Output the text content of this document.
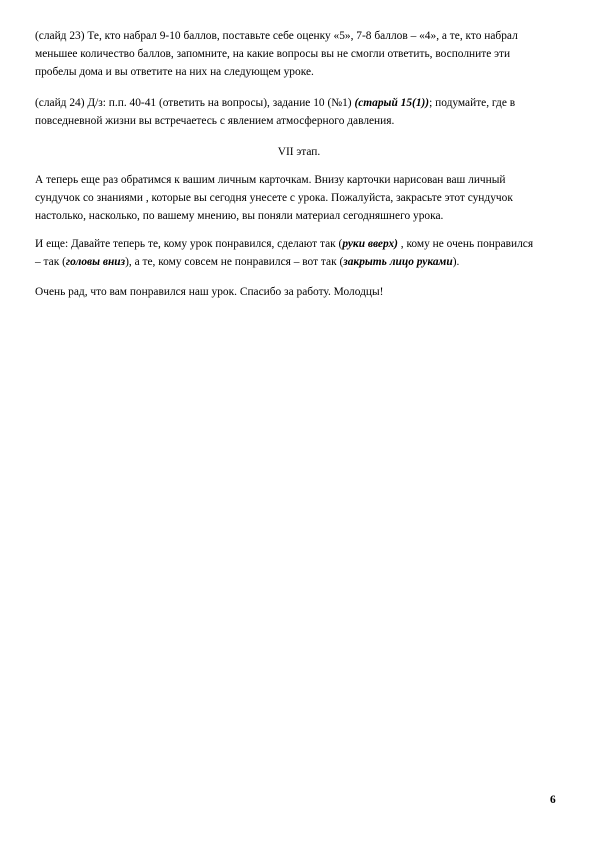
(слайд 23) Те, кто набрал 9-10 баллов, поставьте себе оценку «5», 7-8 баллов – «4», а те, кто набрал
меньшее количество баллов, запомните, на какие вопросы вы не смогли ответить, восполните эти
пробелы дома и вы ответите на них на следующем уроке.

(слайд 24) Д/з: п.п. 40-41 (ответить на вопросы), задание 10 (№1) (старый 15(1)); подумайте, где в
повседневной жизни вы встречаетесь с явлением атмосферного давления.

VII этап.

А теперь еще раз обратимся к вашим личным карточкам. Внизу карточки нарисован ваш личный
сундучок со знаниями , которые вы сегодня унесете с урока. Пожалуйста, закрасьте этот сундучок
настолько, насколько, по вашему мнению, вы поняли материал сегодняшнего урока.

И еще: Давайте теперь те, кому урок понравился, сделают так (руки вверх) , кому не очень понравился
– так (головы вниз), а те, кому совсем не понравился – вот так (закрыть лицо руками).

Очень рад, что вам понравился наш урок. Спасибо за работу. Молодцы!

6
